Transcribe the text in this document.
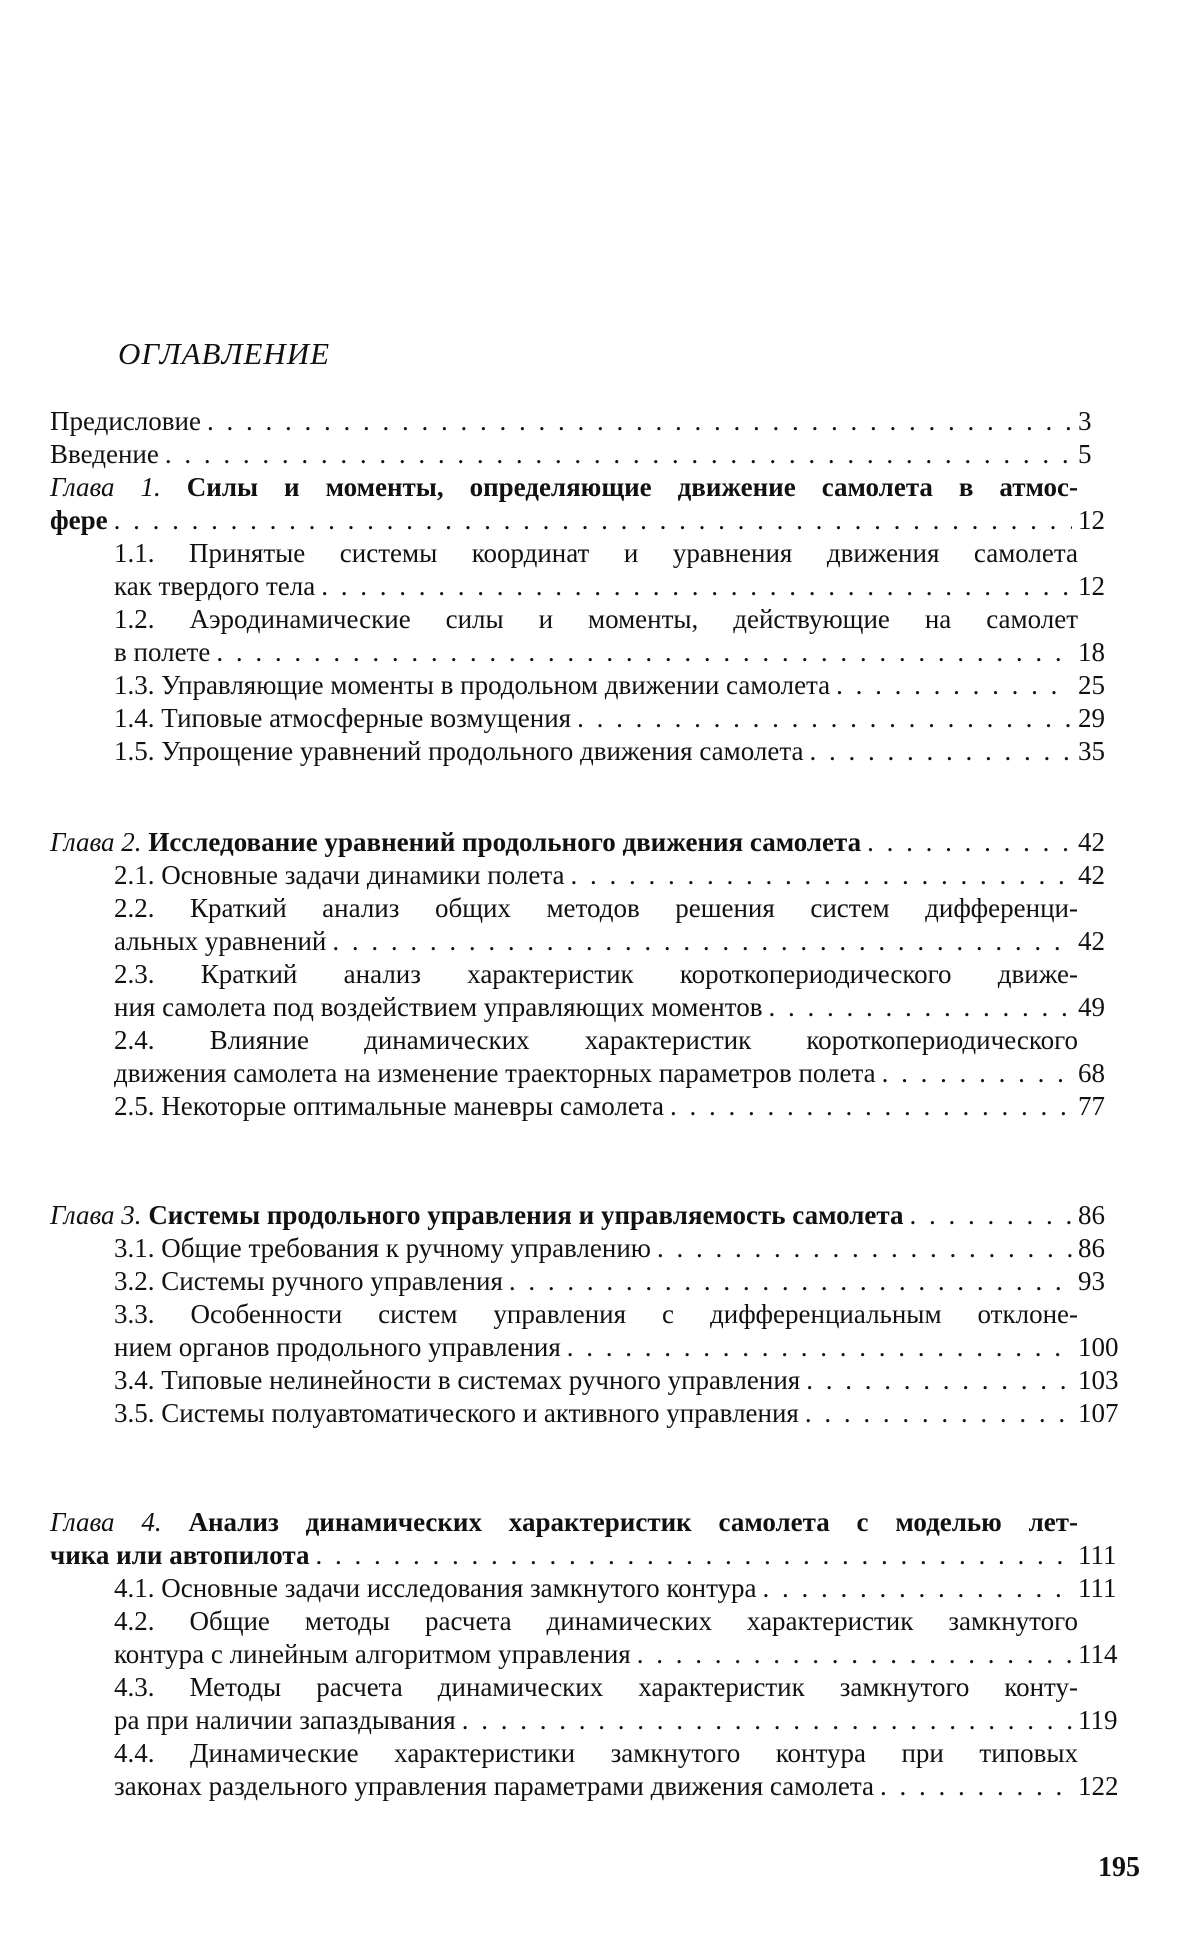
ОГЛАВЛЕНИЕ
Предисловие . . .	3
Введение . . .	5
Глава 1. Силы и моменты, определяющие движение самолета в атмос-
фере . . .	12
1.1. Принятые системы координат и уравнения движения самолета
как твердого тела . . .	12
1.2. Аэродинамические силы и моменты, действующие на самолет
в полете . . .	18
1.3. Управляющие моменты в продольном движении самолета . . .	25
1.4. Типовые атмосферные возмущения . . .	29
1.5. Упрощение уравнений продольного движения самолета . . .	35
Глава 2. Исследование уравнений продольного движения самолета . . .	42
2.1. Основные задачи динамики полета . . .	42
2.2. Краткий анализ общих методов решения систем дифференци-
альных уравнений . . .	42
2.3. Краткий анализ характеристик короткопериодического движе-
ния самолета под воздействием управляющих моментов . . .	49
2.4. Влияние динамических характеристик короткопериодического
движения самолета на изменение траекторных параметров полета . . .	68
2.5. Некоторые оптимальные маневры самолета . . .	77
Глава 3. Системы продольного управления и управляемость самолета . . .	86
3.1. Общие требования к ручному управлению . . .	86
3.2. Системы ручного управления . . .	93
3.3. Особенности систем управления с дифференциальным отклоне-
нием органов продольного управления . . .	100
3.4. Типовые нелинейности в системах ручного управления . . .	103
3.5. Системы полуавтоматического и активного управления . . .	107
Глава 4. Анализ динамических характеристик самолета с моделью лет-
чика или автопилота . . .	111
4.1. Основные задачи исследования замкнутого контура . . .	111
4.2. Общие методы расчета динамических характеристик замкнутого
контура с линейным алгоритмом управления . . .	114
4.3. Методы расчета динамических характеристик замкнутого конту-
ра при наличии запаздывания . . .	119
4.4. Динамические характеристики замкнутого контура при типовых
законах раздельного управления параметрами движения самолета . . .	122
195
